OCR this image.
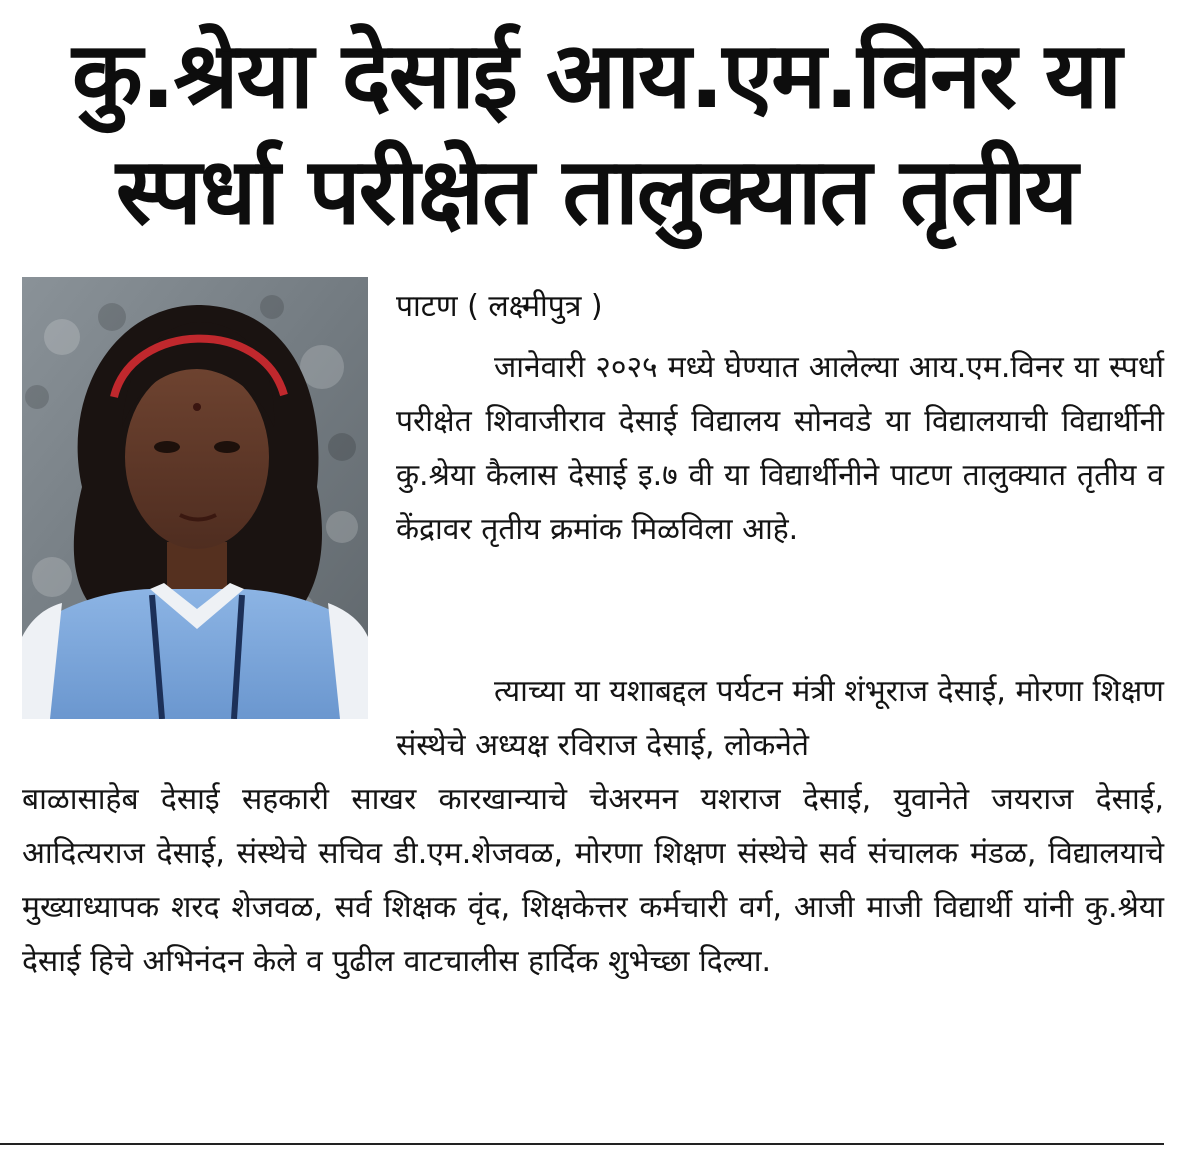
कु.श्रेया देसाई आय.एम.विनर या
स्पर्धा परीक्षेत तालुक्यात तृतीय

पाटण ( लक्ष्मीपुत्र )

जानेवारी २०२५ मध्ये घेण्यात आलेल्या आय.एम.विनर या स्पर्धा परीक्षेत शिवाजीराव देसाई विद्यालय सोनवडे या विद्यालयाची विद्यार्थीनी कु.श्रेया कैलास देसाई इ.७ वी या विद्यार्थीनीने पाटण तालुक्यात तृतीय व केंद्रावर तृतीय क्रमांक मिळविला आहे.

त्याच्या या यशाबद्दल पर्यटन मंत्री शंभूराज देसाई, मोरणा शिक्षण संस्थेचे अध्यक्ष रविराज देसाई, लोकनेते

बाळासाहेब देसाई सहकारी साखर कारखान्याचे चेअरमन यशराज देसाई, युवानेते जयराज देसाई, आदित्यराज देसाई, संस्थेचे सचिव डी.एम.शेजवळ, मोरणा शिक्षण संस्थेचे सर्व संचालक मंडळ, विद्यालयाचे मुख्याध्यापक शरद शेजवळ, सर्व शिक्षक वृंद, शिक्षकेत्तर कर्मचारी वर्ग, आजी माजी विद्यार्थी यांनी कु.श्रेया देसाई हिचे अभिनंदन केले व पुढील वाटचालीस हार्दिक शुभेच्छा दिल्या.
